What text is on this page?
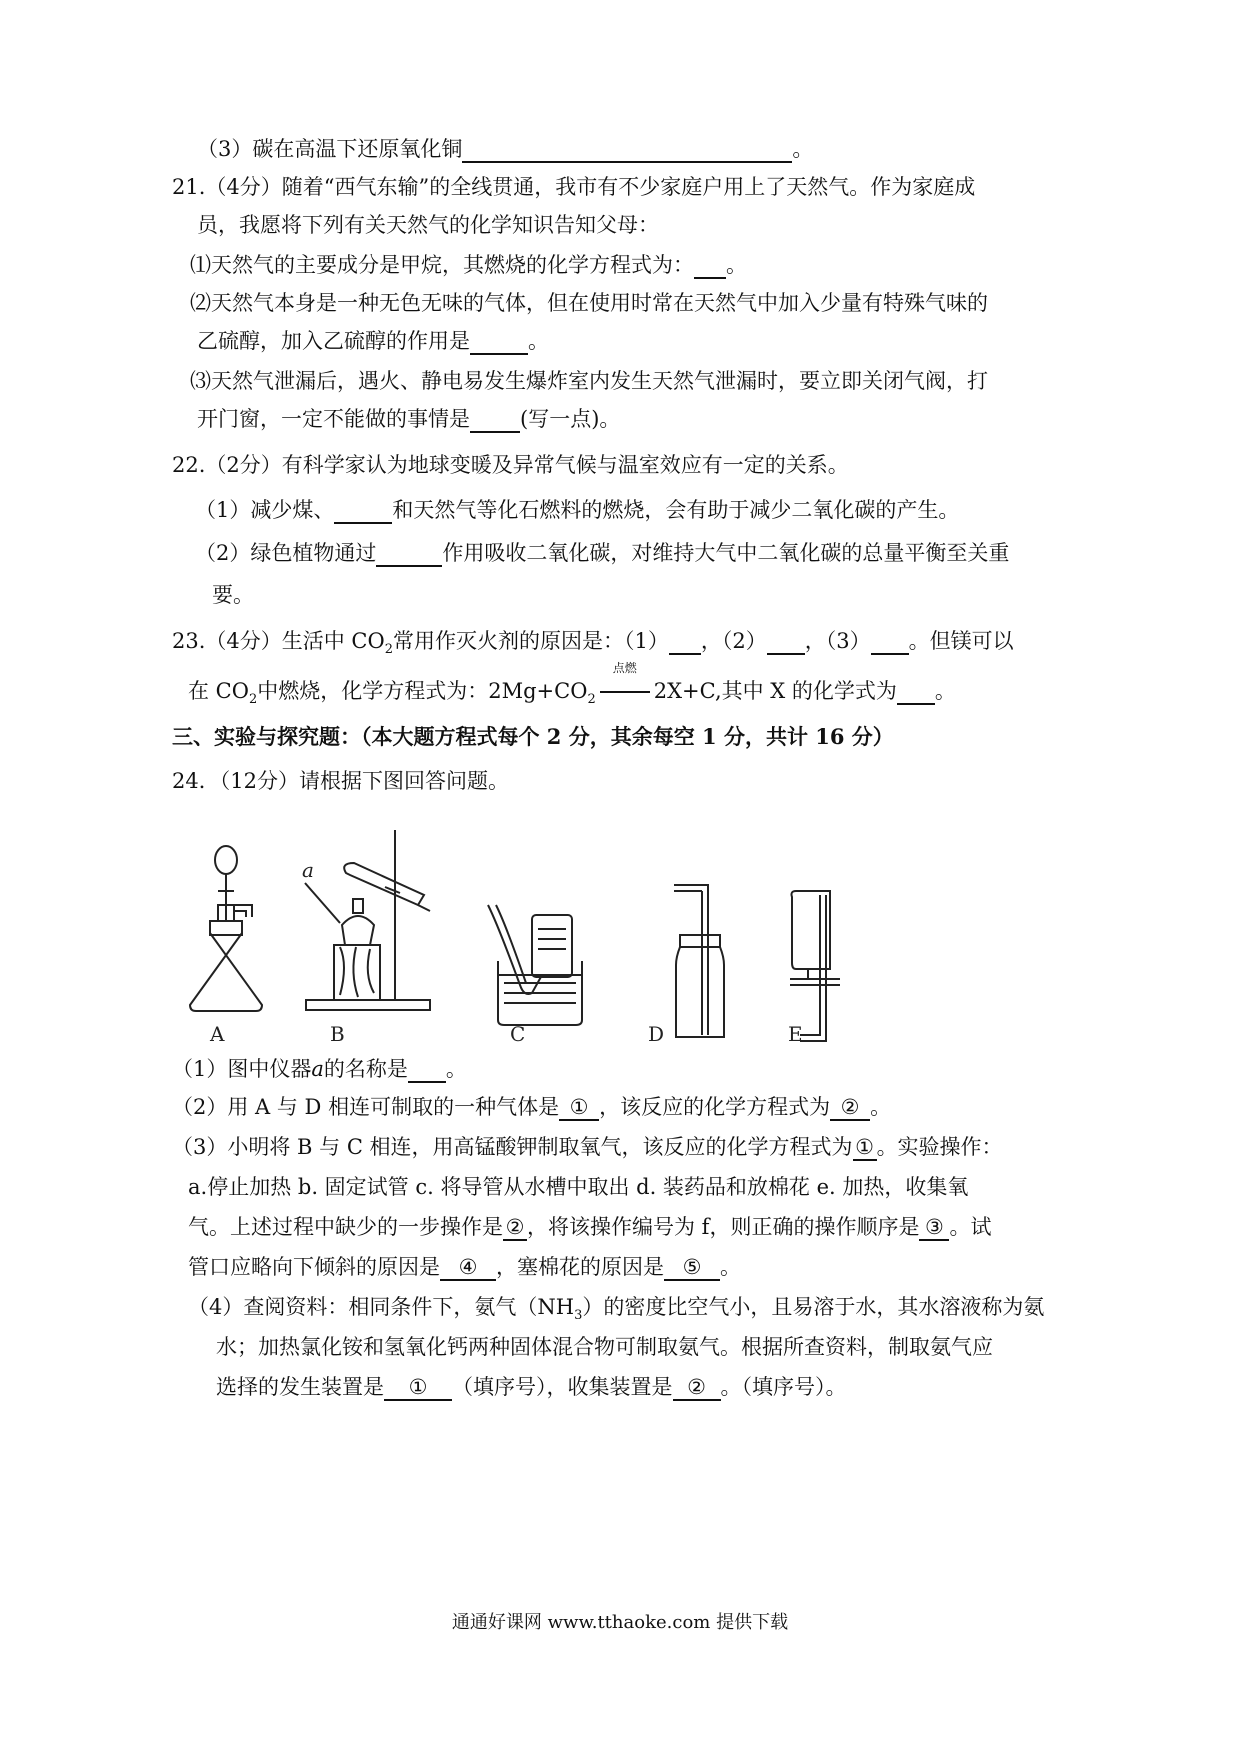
（3）碳在高温下还原氧化铜	。
21.（4分）随着“西气东输”的全线贯通，我市有不少家庭户用上了天然气。作为家庭成
员，我愿将下列有关天然气的化学知识告知父母：
⑴天然气的主要成分是甲烷，其燃烧的化学方程式为： 。
⑵天然气本身是一种无色无味的气体，但在使用时常在天然气中加入少量有特殊气味的
乙硫醇，加入乙硫醇的作用是	。
⑶天然气泄漏后，遇火、静电易发生爆炸室内发生天然气泄漏时，要立即关闭气阀，打
开门窗，一定不能做的事情是 (写一点)。
22.（2分）有科学家认为地球变暖及异常气候与温室效应有一定的关系。
（1）减少煤、	和天然气等化石燃料的燃烧，会有助于减少二氧化碳的产生。
（2）绿色植物通过	作用吸收二氧化碳，对维持大气中二氧化碳的总量平衡至关重
要。
23.（4分）生活中 $CO_2$常用作灭火剂的原因是：（1） ，（2） ，（3） 。但镁可以
在 $CO_2$中燃烧，化学方程式为：$2Mg+CO_2$
点燃
2X+C,其中 X 的化学式为 。
三、实验与探究题：（本大题方程式每个 2 分，其余每空 1 分，共计 16 分）
24．（12分）请根据下图回答问题。
a
A	B	C	D	E
（1）图中仪器a的名称是 。
（2）用 A 与 D 相连可制取的一种气体是 ① ，该反应的化学方程式为 ② 。
（3）小明将 B 与 C 相连，用高锰酸钾制取氧气，该反应的化学方程式为 ① 。实验操作：
a.停止加热 b. 固定试管 c. 将导管从水槽中取出 d. 装药品和放棉花 e. 加热，收集氧
气。上述过程中缺少的一步操作是 ② ，将该操作编号为 f，则正确的操作顺序是 ③ 。试
管口应略向下倾斜的原因是 ④ ，塞棉花的原因是 ⑤ 。
（4）查阅资料：相同条件下，氨气$(NH_3)$的密度比空气小，且易溶于水，其水溶液称为氨
水；加热氯化铵和氢氧化钙两种固体混合物可制取氨气。根据所查资料，制取氨气应
选择的发生装置是 ① （填序号），收集装置是 ② 。（填序号）。
通通好课网 www.tthaoke.com 提供下载
